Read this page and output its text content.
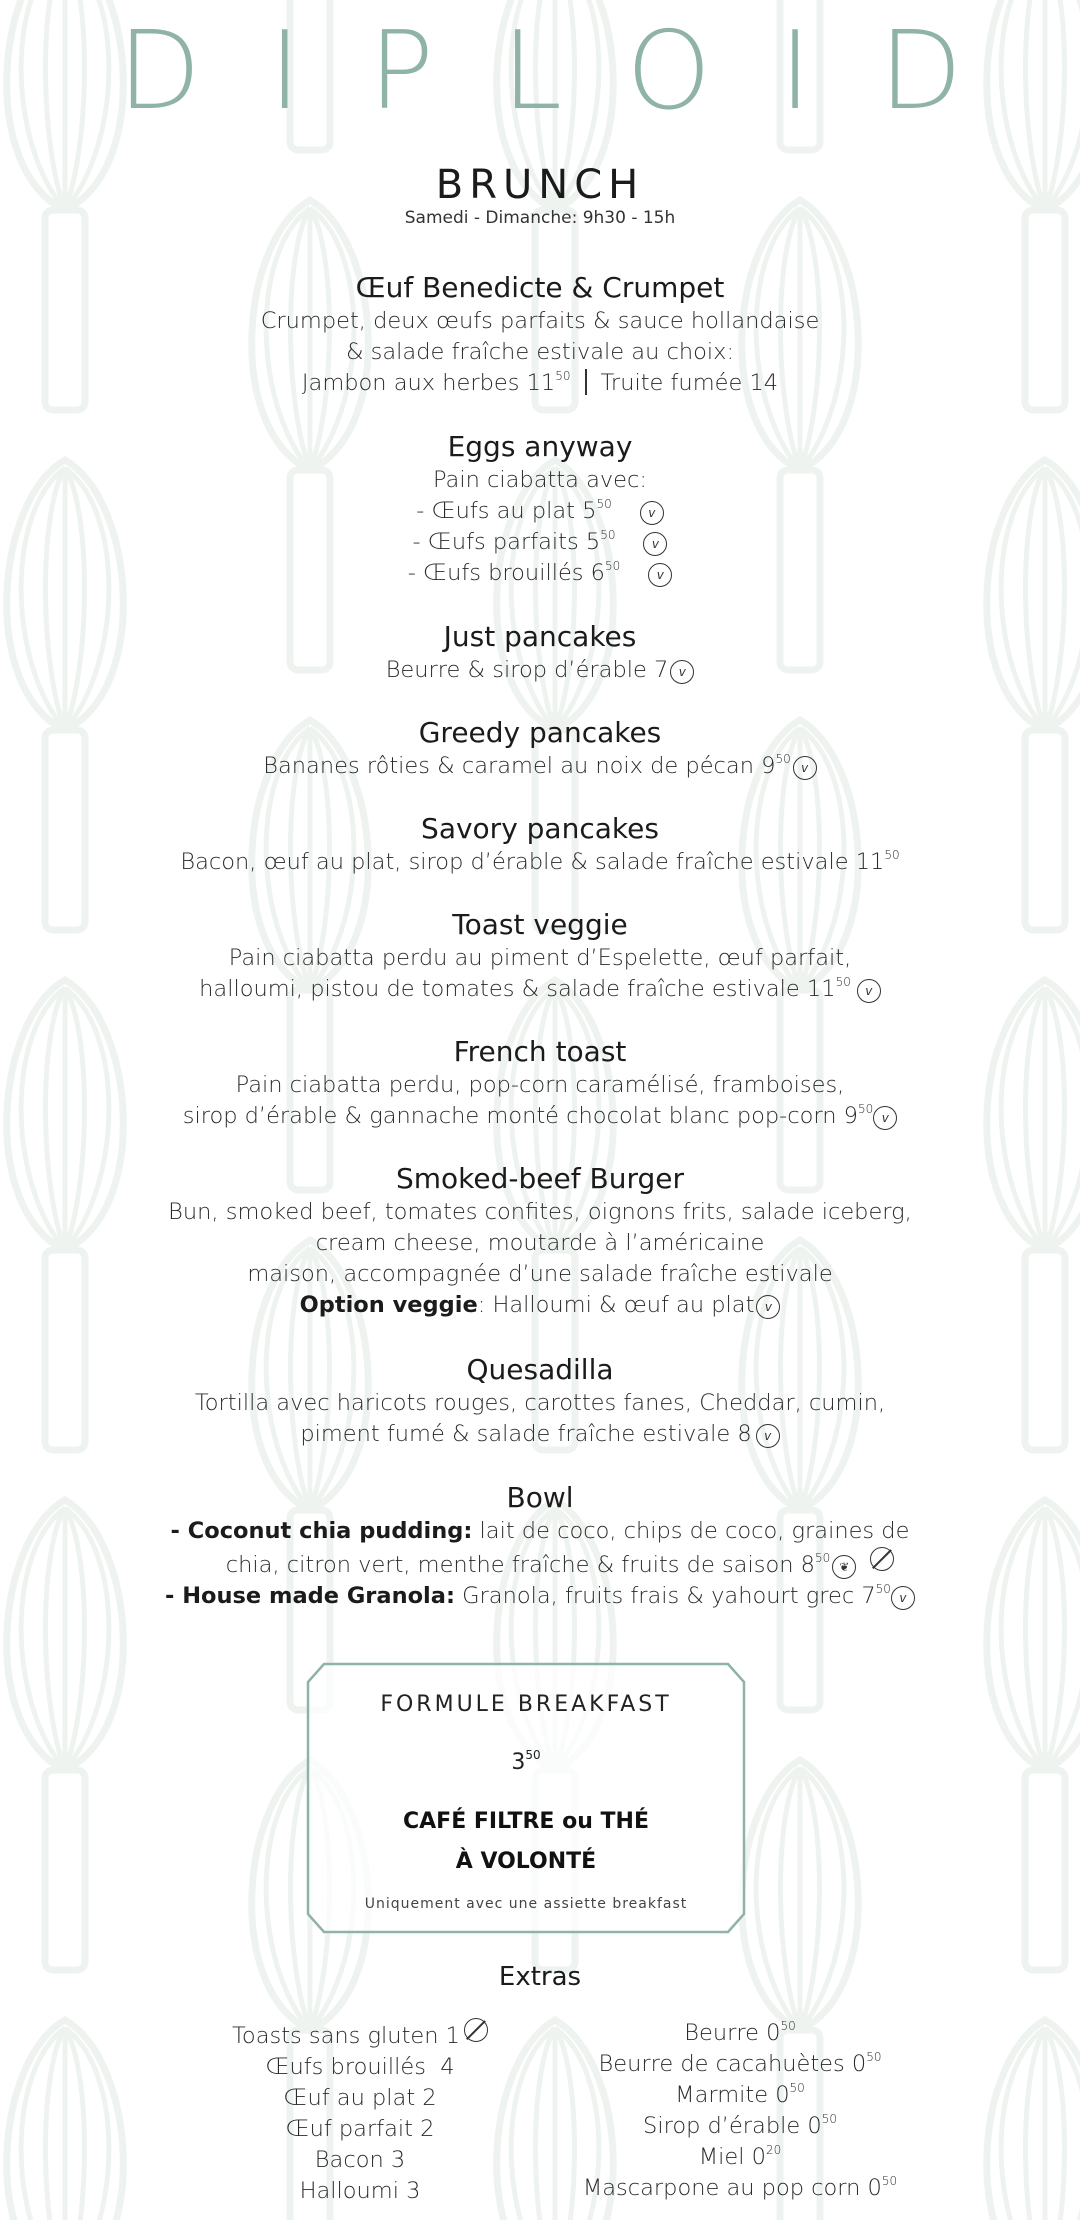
DIPLOID
BRUNCH
Samedi - Dimanche: 9h30 - 15h
Œuf Benedicte & Crumpet
Crumpet, deux œufs parfaits & sauce hollandaise
& salade fraîche estivale au choix:
Jambon aux herbes $11^{50}$ Truite fumée 14
Eggs anyway
Pain ciabatta avec:
- Œufs au plat $5^{50}v$
- Œufs parfaits $5^{50}v$
- Œufs brouillés $6^{50}v$
Just pancakes
Beurre & sirop d’érable 7 v
Greedy pancakes
Bananes rôties & caramel au noix de pécan $9^{50}v$
Savory pancakes
Bacon, œuf au plat, sirop d’érable & salade fraîche estivale $11^{50}$
Toast veggie
Pain ciabatta perdu au piment d’Espelette, œuf parfait,
halloumi, pistou de tomates & salade fraîche estivale $11^{50}v$
French toast
Pain ciabatta perdu, pop-corn caramélisé, framboises,
sirop d’érable & gannache monté chocolat blanc pop-corn $9^{50}v$
Smoked-beef Burger
Bun, smoked beef, tomates confites, oignons frits, salade iceberg,
cream cheese, moutarde à l’américaine
maison, accompagnée d’une salade fraîche estivale
Option veggie: Halloumi & œuf au plat v
Quesadilla
Tortilla avec haricots rouges, carottes fanes, Cheddar, cumin,
piment fumé & salade fraîche estivale 8 v
Bowl
- Coconut chia pudding: lait de coco, chips de coco, graines de
chia, citron vert, menthe fraîche & fruits de saison $8^{50}❦$
- House made Granola: Granola, fruits frais & yahourt grec $7^{50}v$
FORMULE BREAKFAST
$3^{50}$
CAFÉ FILTRE ou THÉ
À VOLONTÉ
Uniquement avec une assiette breakfast
Extras
Toasts sans gluten 1
Œufs brouillés  4
Œuf au plat 2
Œuf parfait 2
Bacon 3
Halloumi 3
Beurre $0^{50}$
Beurre de cacahuètes $0^{50}$
Marmite $0^{50}$
Sirop d’érable $0^{50}$
Miel $0^{20}$
Mascarpone au pop corn $0^{50}$
